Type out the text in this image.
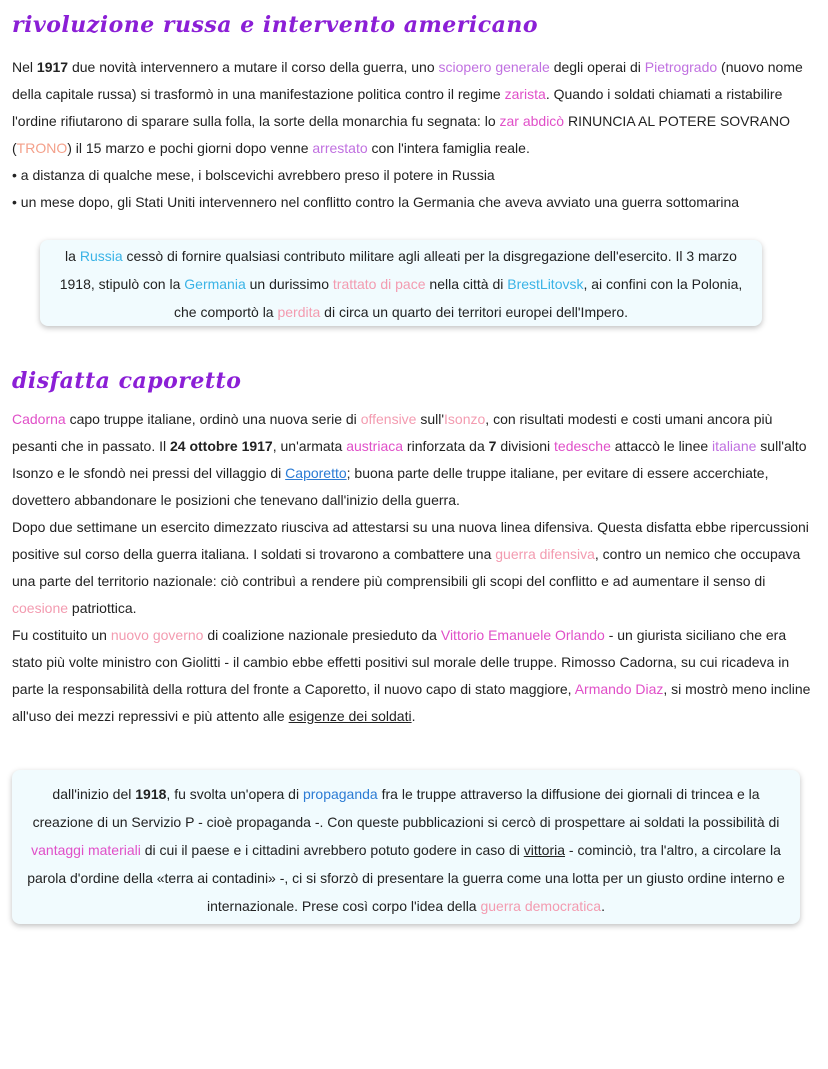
rivoluzione russa e intervento americano

Nel 1917 due novità intervennero a mutare il corso della guerra, uno sciopero generale degli operai di Pietrogrado (nuovo nome della capitale russa) si trasformò in una manifestazione politica contro il regime zarista. Quando i soldati chiamati a ristabilire l'ordine rifiutarono di sparare sulla folla, la sorte della monarchia fu segnata: lo zar abdicò RINUNCIA AL POTERE SOVRANO (TRONO) il 15 marzo e pochi giorni dopo venne arrestato con l'intera famiglia reale.
• a distanza di qualche mese, i bolscevichi avrebbero preso il potere in Russia
• un mese dopo, gli Stati Uniti intervennero nel conflitto contro la Germania che aveva avviato una guerra sottomarina

la Russia cessò di fornire qualsiasi contributo militare agli alleati per la disgregazione dell'esercito. Il 3 marzo 1918, stipulò con la Germania un durissimo trattato di pace nella città di BrestLitovsk, ai confini con la Polonia, che comportò la perdita di circa un quarto dei territori europei dell'Impero.
disfatta caporetto

Cadorna capo truppe italiane, ordinò una nuova serie di offensive sull'Isonzo, con risultati modesti e costi umani ancora più pesanti che in passato. Il 24 ottobre 1917, un'armata austriaca rinforzata da 7 divisioni tedesche attaccò le linee italiane sull'alto Isonzo e le sfondò nei pressi del villaggio di Caporetto; buona parte delle truppe italiane, per evitare di essere accerchiate, dovettero abbandonare le posizioni che tenevano dall'inizio della guerra.
Dopo due settimane un esercito dimezzato riusciva ad attestarsi su una nuova linea difensiva. Questa disfatta ebbe ripercussioni positive sul corso della guerra italiana. I soldati si trovarono a combattere una guerra difensiva, contro un nemico che occupava una parte del territorio nazionale: ciò contribuì a rendere più comprensibili gli scopi del conflitto e ad aumentare il senso di coesione patriottica.
Fu costituito un nuovo governo di coalizione nazionale presieduto da Vittorio Emanuele Orlando - un giurista siciliano che era stato più volte ministro con Giolitti - il cambio ebbe effetti positivi sul morale delle truppe. Rimosso Cadorna, su cui ricadeva in parte la responsabilità della rottura del fronte a Caporetto, il nuovo capo di stato maggiore, Armando Diaz, si mostrò meno incline all'uso dei mezzi repressivi e più attento alle esigenze dei soldati.

dall'inizio del 1918, fu svolta un'opera di propaganda fra le truppe attraverso la diffusione dei giornali di trincea e la creazione di un Servizio P - cioè propaganda -. Con queste pubblicazioni si cercò di prospettare ai soldati la possibilità di vantaggi materiali di cui il paese e i cittadini avrebbero potuto godere in caso di vittoria - cominciò, tra l'altro, a circolare la parola d'ordine della «terra ai contadini» -, ci si sforzò di presentare la guerra come una lotta per un giusto ordine interno e internazionale. Prese così corpo l'idea della guerra democratica.
